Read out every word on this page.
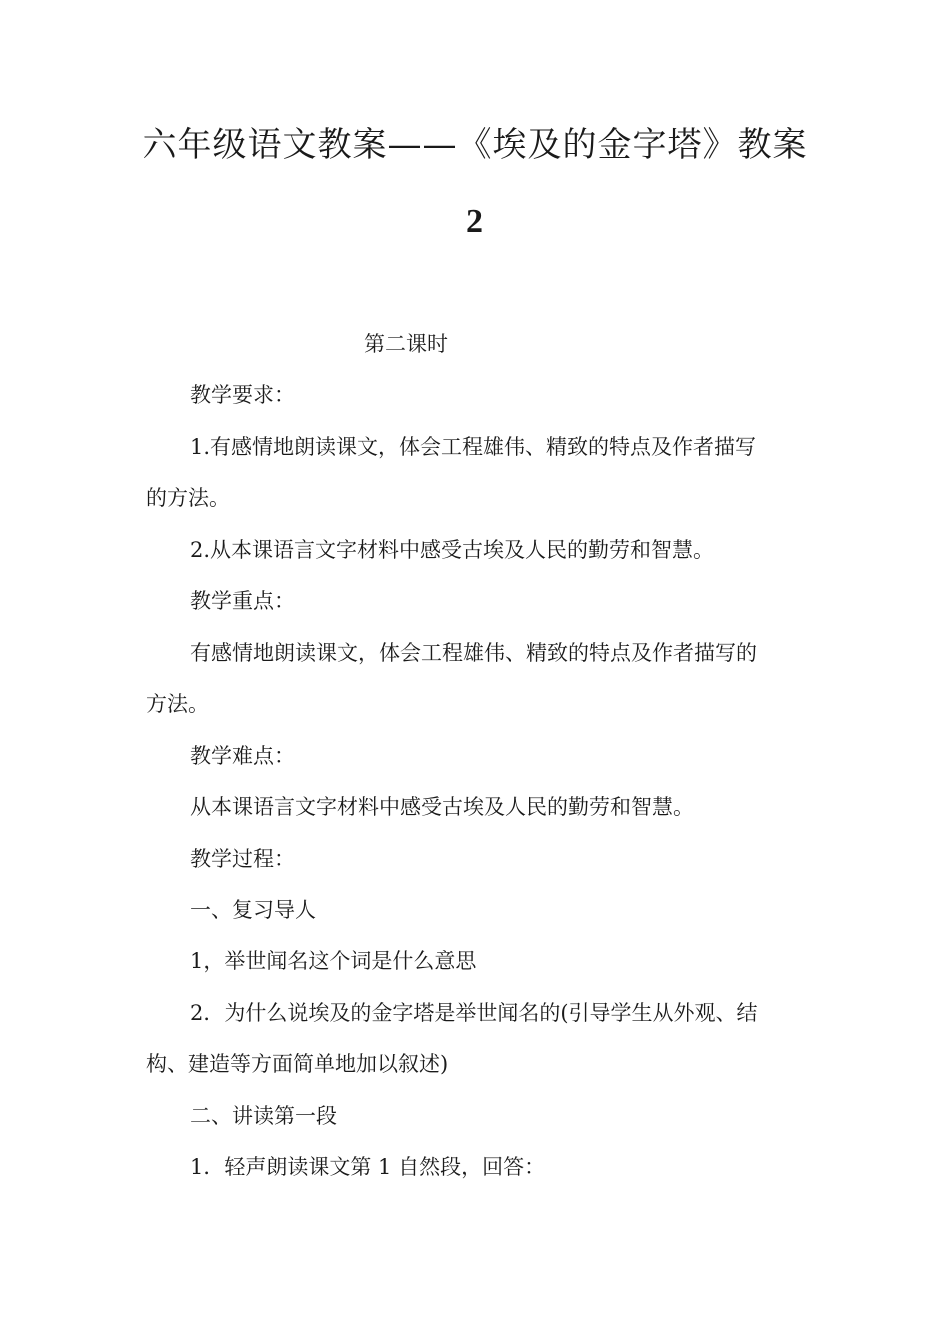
六年级语文教案——《埃及的金字塔》教案
2
第二课时
教学要求：
1.有感情地朗读课文，体会工程雄伟、精致的特点及作者描写
的方法。
2.从本课语言文字材料中感受古埃及人民的勤劳和智慧。
教学重点：
有感情地朗读课文，体会工程雄伟、精致的特点及作者描写的
方法。
教学难点：
从本课语言文字材料中感受古埃及人民的勤劳和智慧。
教学过程：
一、复习导人
1，举世闻名这个词是什么意思
2．为什么说埃及的金字塔是举世闻名的(引导学生从外观、结
构、建造等方面简单地加以叙述)
二、讲读第一段
1．轻声朗读课文第 1 自然段，回答：
